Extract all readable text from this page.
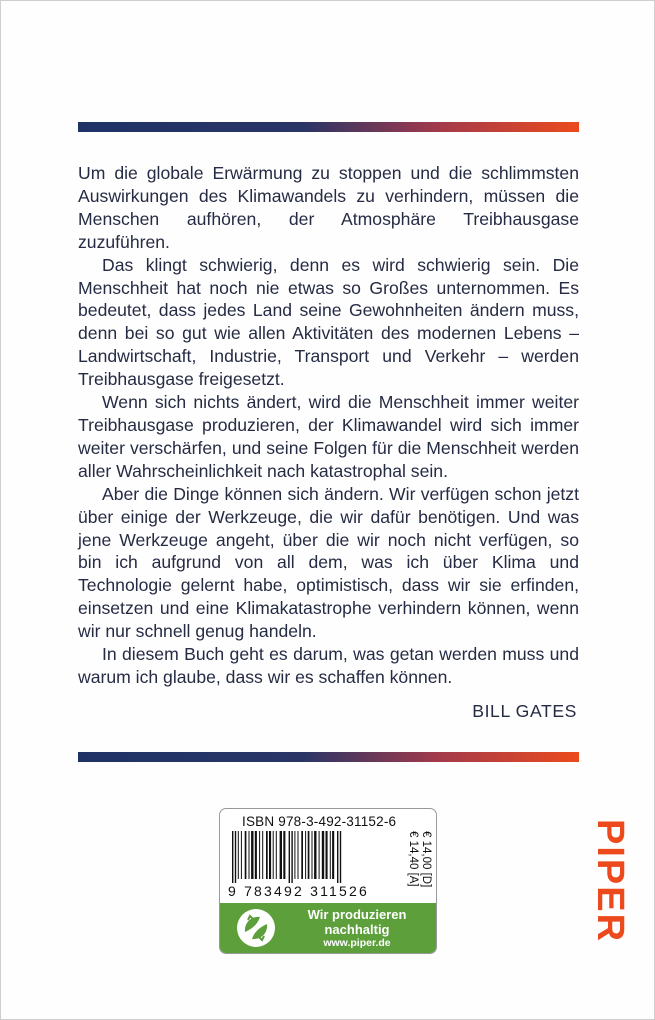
Um die globale Erwärmung zu stoppen und die schlimmsten Auswirkungen des Klimawandels zu verhindern, müssen die Menschen aufhören, der Atmosphäre Treibhausgase zuzuführen.

Das klingt schwierig, denn es wird schwierig sein. Die Menschheit hat noch nie etwas so Großes unternommen. Es bedeutet, dass jedes Land seine Gewohnheiten ändern muss, denn bei so gut wie allen Aktivitäten des modernen Lebens – Landwirtschaft, Industrie, Transport und Verkehr – werden Treibhausgase freigesetzt.

Wenn sich nichts ändert, wird die Menschheit immer weiter Treibhausgase produzieren, der Klimawandel wird sich immer weiter verschärfen, und seine Folgen für die Menschheit werden aller Wahrscheinlichkeit nach katastrophal sein.

Aber die Dinge können sich ändern. Wir verfügen schon jetzt über einige der Werkzeuge, die wir dafür benötigen. Und was jene Werkzeuge angeht, über die wir noch nicht verfügen, so bin ich aufgrund von all dem, was ich über Klima und Technologie gelernt habe, optimistisch, dass wir sie erfinden, einsetzen und eine Klimakatastrophe verhindern können, wenn wir nur schnell genug handeln.

In diesem Buch geht es darum, was getan werden muss und warum ich glaube, dass wir es schaffen können.

BILL GATES
ISBN 978-3-492-31152-6
9 783492 311526
€ 14,00 [D]
€ 14,40 [A]
Wir produzieren
nachhaltig
www.piper.de	PIPER
